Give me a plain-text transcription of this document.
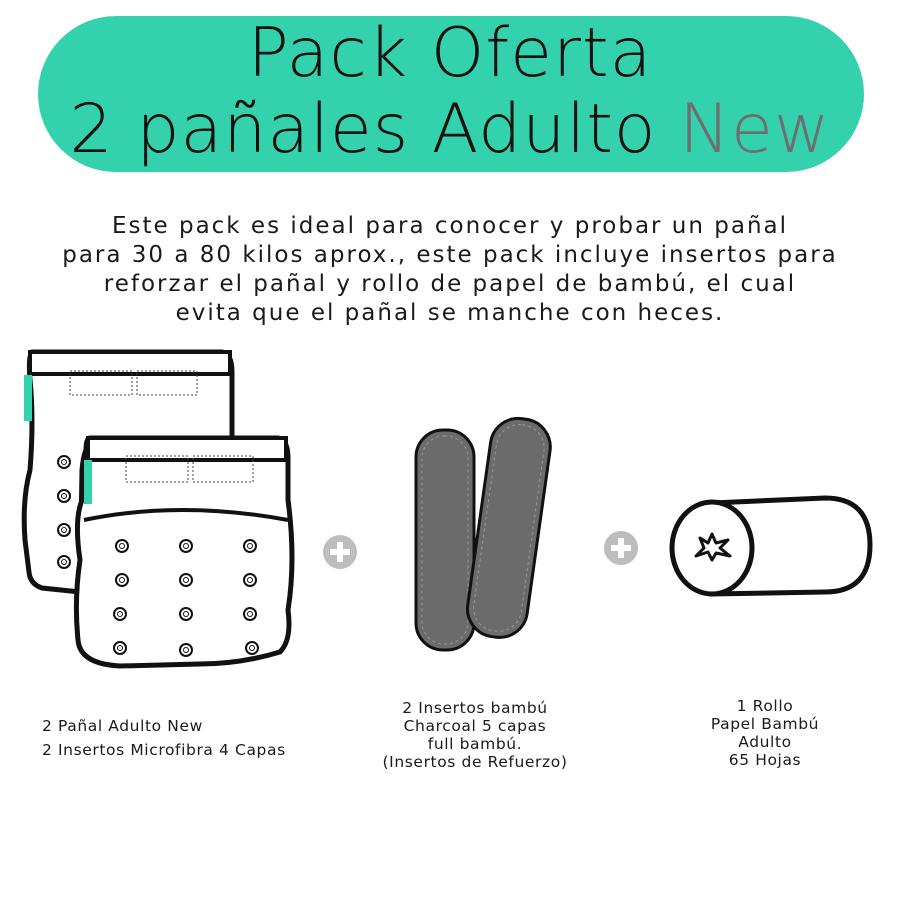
Pack Oferta
2 pañales Adulto New
Este pack es ideal para conocer y probar un pañal
para 30 a 80 kilos aprox., este pack incluye insertos para
reforzar el pañal y rollo de papel de bambú, el cual
evita que el pañal se manche con heces.
2 Pañal Adulto New
2 Insertos Microfibra 4 Capas
2 Insertos bambú
Charcoal 5 capas
full bambú.
(Insertos de Refuerzo)
1 Rollo
Papel Bambú
Adulto
65 Hojas
